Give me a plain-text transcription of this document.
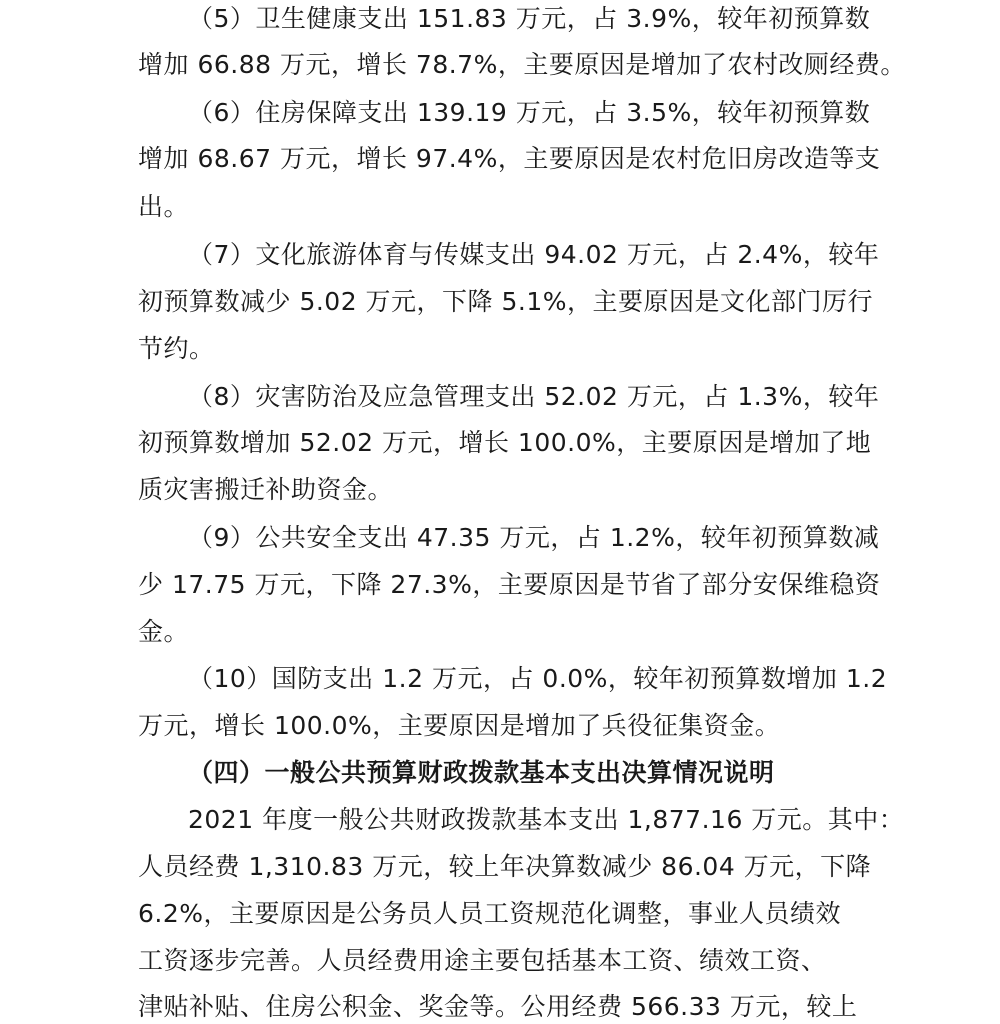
（5）卫生健康支出 151.83 万元，占 3.9%，较年初预算数
增加 66.88 万元，增长 78.7%，主要原因是增加了农村改厕经费。
（6）住房保障支出 139.19 万元，占 3.5%，较年初预算数
增加 68.67 万元，增长 97.4%，主要原因是农村危旧房改造等支
出。
（7）文化旅游体育与传媒支出 94.02 万元，占 2.4%，较年
初预算数减少 5.02 万元，下降 5.1%，主要原因是文化部门厉行
节约。
（8）灾害防治及应急管理支出 52.02 万元，占 1.3%，较年
初预算数增加 52.02 万元，增长 100.0%，主要原因是增加了地
质灾害搬迁补助资金。
（9）公共安全支出 47.35 万元，占 1.2%，较年初预算数减
少 17.75 万元，下降 27.3%，主要原因是节省了部分安保维稳资
金。
（10）国防支出 1.2 万元，占 0.0%，较年初预算数增加 1.2
万元，增长 100.0%，主要原因是增加了兵役征集资金。
（四）一般公共预算财政拨款基本支出决算情况说明
2021 年度一般公共财政拨款基本支出 1,877.16 万元。其中：
人员经费 1,310.83 万元，较上年决算数减少 86.04 万元，下降
6.2%，主要原因是公务员人员工资规范化调整，事业人员绩效
工资逐步完善。人员经费用途主要包括基本工资、绩效工资、
津贴补贴、住房公积金、奖金等。公用经费 566.33 万元，较上
